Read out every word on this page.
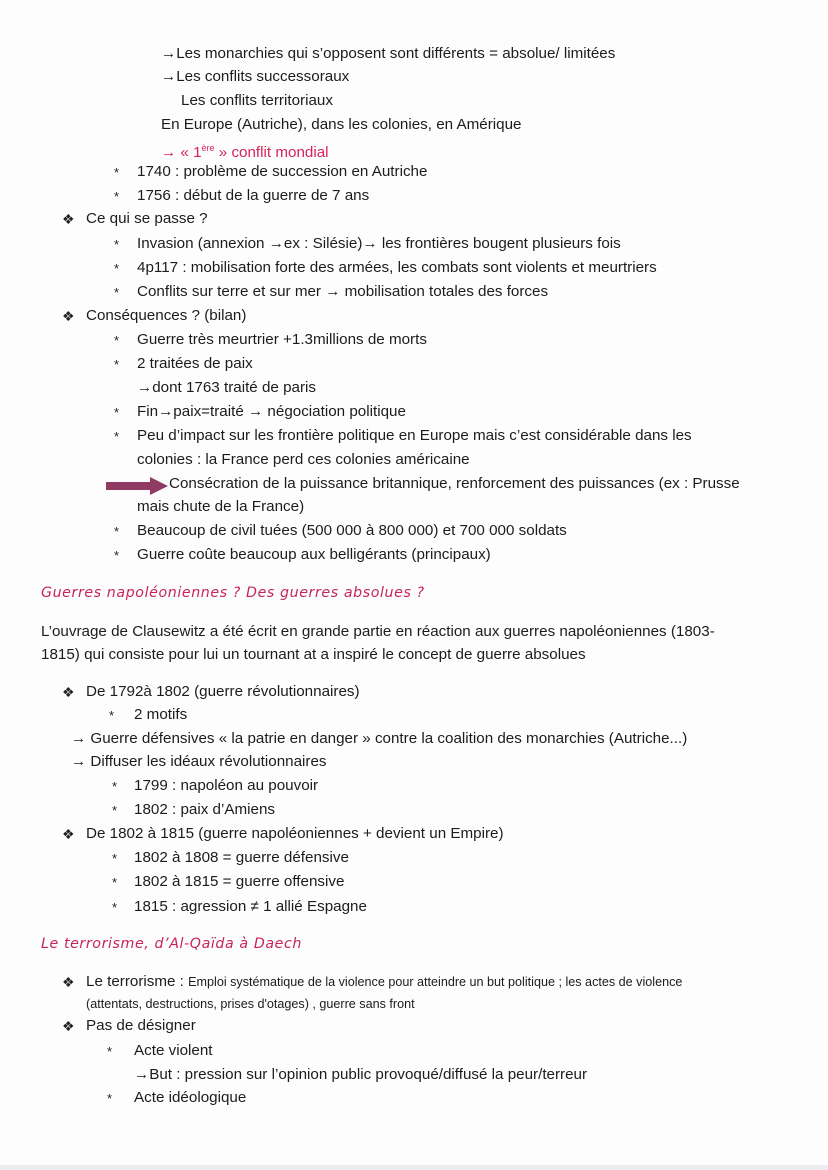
→Les monarchies qui s’opposent sont différents = absolue/ limitées
→Les conflits successoraux
Les conflits territoriaux
En Europe (Autriche), dans les colonies, en Amérique
→ « 1ère » conflit mondial
* 1740 : problème de succession en Autriche
* 1756 : début de la guerre de 7 ans
❖ Ce qui se passe ?
* Invasion (annexion →ex : Silésie)→ les frontières bougent plusieurs fois
* 4p117 : mobilisation forte des armées, les combats sont violents et meurtriers
* Conflits sur terre et sur mer → mobilisation totales des forces
❖ Conséquences ? (bilan)
* Guerre très meurtrier +1.3millions de morts
* 2 traitées de paix
→dont 1763 traité de paris
* Fin→paix=traité → négociation politique
* Peu d’impact sur les frontière politique en Europe mais c’est considérable dans les
colonies : la France perd ces colonies américaine
Consécration de la puissance britannique, renforcement des puissances (ex : Prusse
mais chute de la France)
* Beaucoup de civil tuées (500 000 à 800 000) et 700 000 soldats
* Guerre coûte beaucoup aux belligérants (principaux)
Guerres napoléoniennes ? Des guerres absolues ?
L’ouvrage de Clausewitz a été écrit en grande partie en réaction aux guerres napoléoniennes (1803-
1815) qui consiste pour lui un tournant at a inspiré le concept de guerre absolues
❖ De 1792à 1802 (guerre révolutionnaires)
* 2 motifs
→ Guerre défensives « la patrie en danger » contre la coalition des monarchies (Autriche...)
→ Diffuser les idéaux révolutionnaires
* 1799 : napoléon au pouvoir
* 1802 : paix d’Amiens
❖ De 1802 à 1815 (guerre napoléoniennes + devient un Empire)
* 1802 à 1808 = guerre défensive
* 1802 à 1815 = guerre offensive
* 1815 : agression ≠ 1 allié Espagne
Le terrorisme, d’Al-Qaïda à Daech
❖ Le terrorisme : Emploi systématique de la violence pour atteindre un but politique ; les actes de violence
(attentats, destructions, prises d'otages) , guerre sans front
❖ Pas de désigner
* Acte violent
→But : pression sur l’opinion public provoqué/diffusé la peur/terreur
* Acte idéologique
